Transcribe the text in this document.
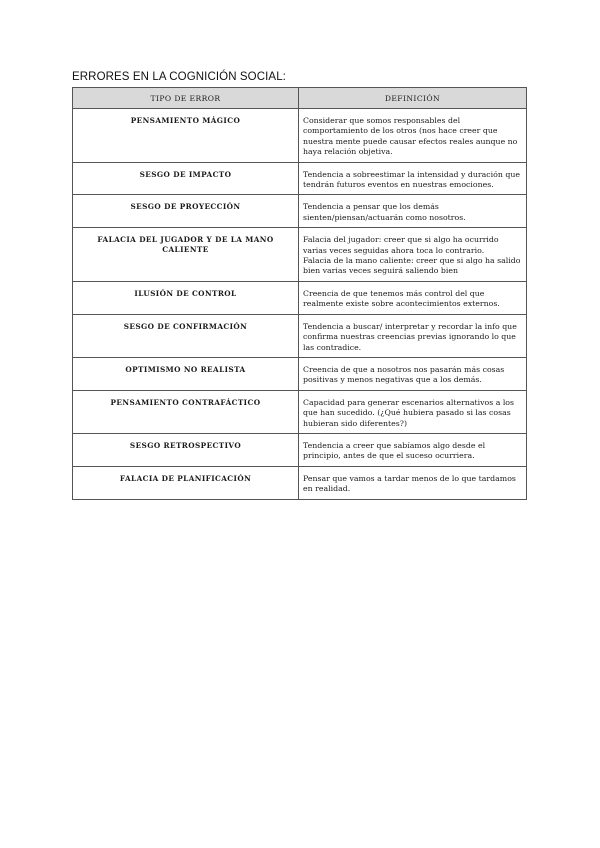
ERRORES EN LA COGNICIÓN SOCIAL:
TIPO DE ERROR	DEFINICIÓN
PENSAMIENTO MÁGICO	Considerar que somos responsables del comportamiento de los otros (nos hace creer que nuestra mente puede causar efectos reales aunque no haya relación objetiva.

SESGO DE IMPACTO	Tendencia a sobreestimar la intensidad y duración que tendrán futuros eventos en nuestras emociones.

SESGO DE PROYECCIÓN	Tendencia a pensar que los demás sienten/piensan/actuarán como nosotros.

FALACIA DEL JUGADOR Y DE LA MANO CALIENTE	Falacia del jugador: creer que si algo ha ocurrido varias veces seguidas ahora toca lo contrario.
Falacia de la mano caliente: creer que si algo ha salido bien varias veces seguirá saliendo bien

ILUSIÓN DE CONTROL	Creencia de que tenemos más control del que realmente existe sobre acontecimientos externos.

SESGO DE CONFIRMACIÓN	Tendencia a buscar/ interpretar y recordar la info que confirma nuestras creencias previas ignorando lo que las contradice.

OPTIMISMO NO REALISTA	Creencia de que a nosotros nos pasarán más cosas positivas y menos negativas que a los demás.

PENSAMIENTO CONTRAFÁCTICO	Capacidad para generar escenarios alternativos a los que han sucedido. (¿Qué hubiera pasado si las cosas hubieran sido diferentes?)

SESGO RETROSPECTIVO	Tendencia a creer que sabíamos algo desde el principio, antes de que el suceso ocurriera.

FALACIA DE PLANIFICACIÓN	Pensar que vamos a tardar menos de lo que tardamos en realidad.
